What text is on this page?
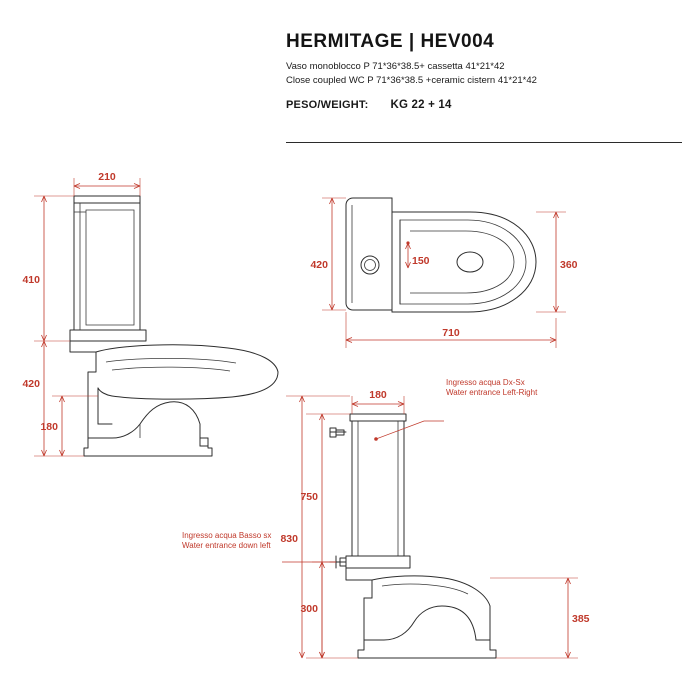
HERMITAGE | HEV004
Vaso monoblocco P 71*36*38.5+ cassetta 41*21*42
Close coupled WC P 71*36*38.5 +ceramic cistern 41*21*42
PESO/WEIGHT: KG 22 + 14
210
410
420
180
420	150	360
710
180
750
830
300
385
Ingresso acqua Dx-Sx
Water entrance Left-Right
Ingresso acqua Basso sx
Water entrance down left
